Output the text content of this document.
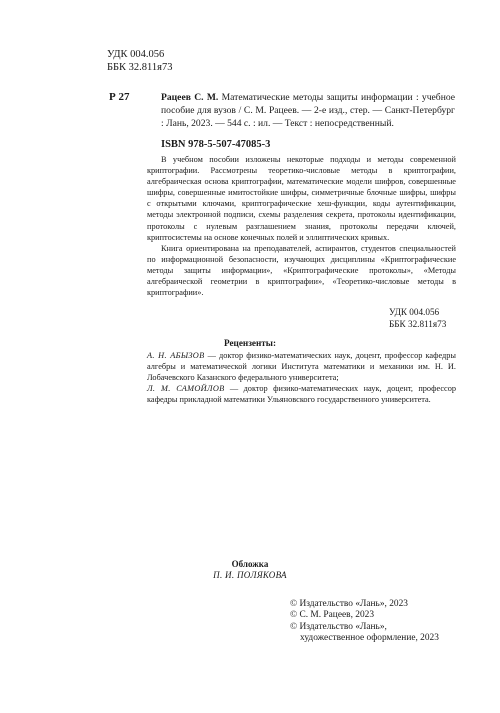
УДК 004.056
ББК 32.811я73
Р 27	Рацеев С. М. Математические методы защиты информации : учебное пособие для вузов / С. М. Рацеев. — 2-е изд., стер. — Санкт-Петербург : Лань, 2023. — 544 с. : ил. — Текст : непосредственный.
ISBN 978-5-507-47085-3

В учебном пособии изложены некоторые подходы и методы современной криптографии. Рассмотрены теоретико-числовые методы в криптографии, алгебраическая основа криптографии, математические модели шифров, совершенные шифры, совершенные имитостойкие шифры, симметричные блочные шифры, шифры с открытыми ключами, криптографические хеш-функции, коды аутентификации, методы электронной подписи, схемы разделения секрета, протоколы идентификации, протоколы с нулевым разглашением знания, протоколы передачи ключей, криптосистемы на основе конечных полей и эллиптических кривых.

Книга ориентирована на преподавателей, аспирантов, студентов специальностей по информационной безопасности, изучающих дисциплины «Криптографические методы защиты информации», «Криптографические протоколы», «Методы алгебраической геометрии в криптографии», «Теоретико-числовые методы в криптографии».

УДК 004.056
ББК 32.811я73
Рецензенты:

А. Н. АБЫЗОВ — доктор физико-математических наук, доцент, профессор кафедры алгебры и математической логики Института математики и механики им. Н. И. Лобачевского Казанского федерального университета;

Л. М. САМОЙЛОВ — доктор физико-математических наук, доцент, профессор кафедры прикладной математики Ульяновского государственного университета.

Обложка
П. И. ПОЛЯКОВА
© Издательство «Лань», 2023
© С. М. Рацеев, 2023
© Издательство «Лань»,
художественное оформление, 2023
